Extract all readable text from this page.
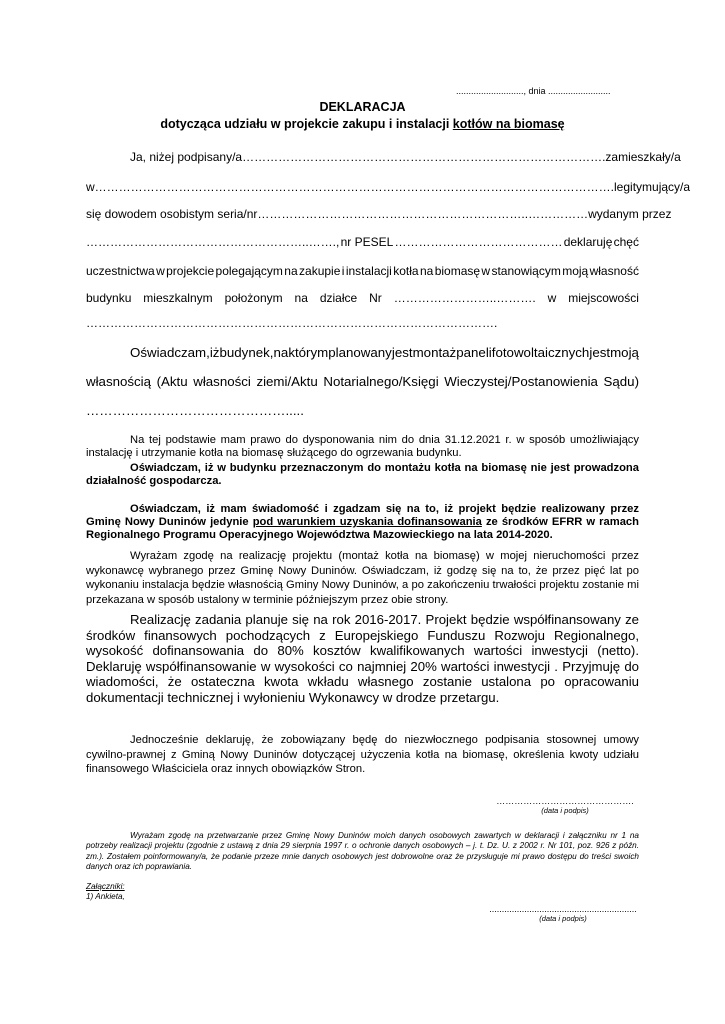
..........................., dnia .........................
DEKLARACJA
dotycząca udziału w projekcie zakupu i instalacji kotłów na biomasę
Ja, niżej podpisany/a ………………………………………………………………………………. zamieszkały/a
w …………………………………………………………………………………………………………………. legitymujący/a
się dowodem osobistym seria/nr …………………………………………………………..…………… wydanym przez
………………………………………………..……., nr PESEL …………………………………… deklaruję chęć
uczestnictwa w projekcie polegającym na zakupie i instalacji kotła na biomasę w stanowiącym moją własność
budynku mieszkalnym położonym na działce Nr ……………………..………. w miejscowości
………………………………………………………………………………………….
Oświadczam, iż budynek, na którym planowany jest montaż paneli fotowoltaicznych jest moją
własnością (Aktu własności ziemi/Aktu Notarialnego/Księgi Wieczystej/Postanowienia Sądu)
……………………………………….....
Na tej podstawie mam prawo do dysponowania nim do dnia 31.12.2021 r. w sposób umożliwiający instalację i utrzymanie kotła na biomasę służącego do ogrzewania budynku.
Oświadczam, iż w budynku przeznaczonym do montażu kotła na biomasę nie jest prowadzona działalność gospodarcza.
Oświadczam, iż mam świadomość i zgadzam się na to, iż projekt będzie realizowany przez Gminę Nowy Duninów jedynie pod warunkiem uzyskania dofinansowania ze środków EFRR w ramach Regionalnego Programu Operacyjnego Województwa Mazowieckiego na lata 2014-2020.
Wyrażam zgodę na realizację projektu (montaż kotła na biomasę) w mojej nieruchomości przez wykonawcę wybranego przez Gminę Nowy Duninów. Oświadczam, iż godzę się na to, że przez pięć lat po wykonaniu instalacja będzie własnością Gminy Nowy Duninów, a po zakończeniu trwałości projektu zostanie mi przekazana w sposób ustalony w terminie późniejszym przez obie strony.
Realizację zadania planuje się na rok 2016-2017. Projekt będzie współfinansowany ze środków finansowych pochodzących z Europejskiego Funduszu Rozwoju Regionalnego, wysokość dofinansowania do 80% kosztów kwalifikowanych wartości inwestycji (netto). Deklaruję współfinansowanie w wysokości co najmniej 20% wartości inwestycji . Przyjmuję do wiadomości, że ostateczna kwota wkładu własnego zostanie ustalona po opracowaniu dokumentacji technicznej i wyłonieniu Wykonawcy w drodze przetargu.
Jednocześnie deklaruję, że zobowiązany będę do niezwłocznego podpisania stosownej umowy cywilno-prawnej z Gminą Nowy Duninów dotyczącej użyczenia kotła na biomasę, określenia kwoty udziału finansowego Właściciela oraz innych obowiązków Stron.
……………………………………….
(data i podpis)
Wyrażam zgodę na przetwarzanie przez Gminę Nowy Duninów moich danych osobowych zawartych w deklaracji i załączniku nr 1 na potrzeby realizacji projektu (zgodnie z ustawą z dnia 29 sierpnia 1997 r. o ochronie danych osobowych – j. t. Dz. U. z 2002 r. Nr 101, poz. 926 z późn. zm.). Zostałem poinformowany/a, że podanie przeze mnie danych osobowych jest dobrowolne oraz że przysługuje mi prawo dostępu do treści swoich danych oraz ich poprawiania.
Załączniki:
1) Ankieta,
...........................................................
(data i podpis)
